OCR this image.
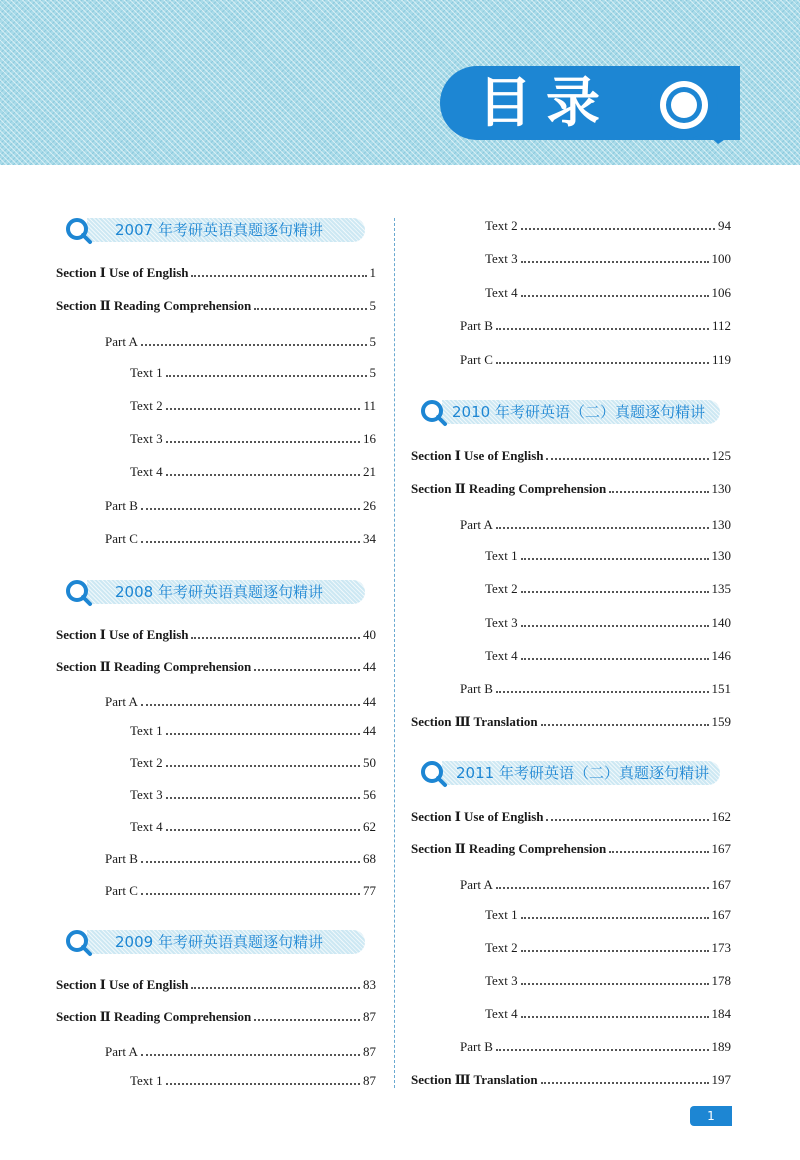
目录
2007 年考研英语真题逐句精讲
Section Ⅰ Use of English	1
Section Ⅱ Reading Comprehension	5
Part A	5
Text 1	5
Text 2	11
Text 3	16
Text 4	21
Part B	26
Part C	34
2008 年考研英语真题逐句精讲
Section Ⅰ Use of English	40
Section Ⅱ Reading Comprehension	44
Part A	44
Text 1	44
Text 2	50
Text 3	56
Text 4	62
Part B	68
Part C	77
2009 年考研英语真题逐句精讲
Section Ⅰ Use of English	83
Section Ⅱ Reading Comprehension	87
Part A	87
Text 1	87
Text 2	94
Text 3	100
Text 4	106
Part B	112
Part C	119
2010 年考研英语（二）真题逐句精讲
Section Ⅰ Use of English	125
Section Ⅱ Reading Comprehension	130
Part A	130
Text 1	130
Text 2	135
Text 3	140
Text 4	146
Part B	151
Section Ⅲ Translation	159
2011 年考研英语（二）真题逐句精讲
Section Ⅰ Use of English	162
Section Ⅱ Reading Comprehension	167
Part A	167
Text 1	167
Text 2	173
Text 3	178
Text 4	184
Part B	189
Section Ⅲ Translation	197
1
